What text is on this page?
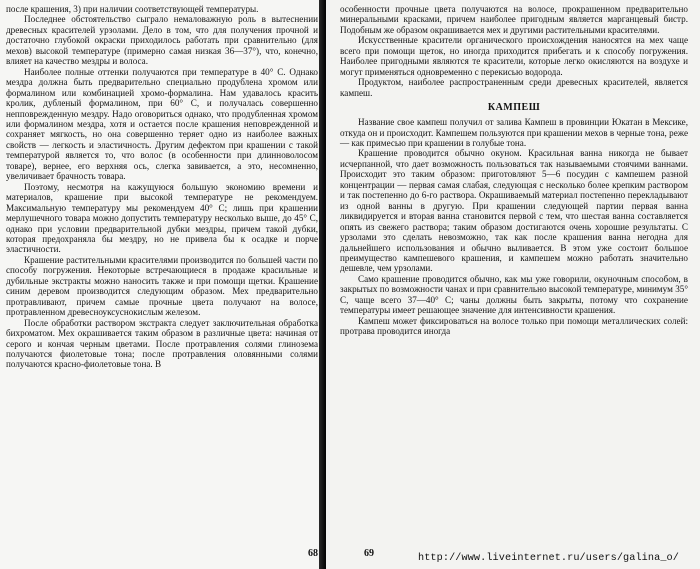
после крашения, 3) при наличии соответствующей температуры.

Последнее обстоятельство сыграло немаловажную роль в вытеснении древесных красителей урзолами. Дело в том, что для получения прочной и достаточно глубокой окраски приходилось работать при сравнительно (для мехов) высокой температуре (примерно самая низкая 36—37°), что, конечно, влияет на качество мездры и волоса.

Наиболее полные оттенки получаются при температуре в 40° С. Однако мездра должна быть предварительно специально продублена хромом или формалином или комбинацией хромо-формалина. Нам удавалось красить кролик, дубленый формалином, при 60° С, и получалась совершенно непповрежденную мездру. Надо оговориться однако, что продубленная хромом или формалином мездра, хотя и остается после крашения неповрежденной и сохраняет мягкость, но она совершенно теряет одно из наиболее важных свойств — легкость и эластичность. Другим дефектом при крашении с такой температурой является то, что волос (в особенности при длинноволосом товаре), вернее, его верхняя ось, слегка завивается, а это, несомненно, увеличивает брачность товара.

Поэтому, несмотря на кажущуюся большую экономию времени и материалов, крашение при высокой температуре не рекомендуем. Максимальную температуру мы рекомендуем 40° С; лишь при крашении мерлушечного товара можно допустить температуру несколько выше, до 45° С, однако при условии предварительной дубки мездры, причем такой дубки, которая предохраняла бы мездру, но не привела бы к осадке и порче эластичности.

Крашение растительными красителями производится по большей части по способу погружения. Некоторые встречающиеся в продаже красильные и дубильные экстракты можно наносить также и при помощи щетки. Крашение синим деревом производится следующим образом. Мех предварительно протравливают, причем самые прочные цвета получают на волосе, протравленном древесноуксуснокислым железом.

После обработки раствором экстракта следует заключительная обработка бихроматом. Мех окрашивается таким образом в различные цвета: начиная от серого и кончая черным цветами. После протравления солями глинозема получаются фиолетовые тона; после протравления оловянными солями получаются красно-фиолетовые тона. В

68

особенности прочные цвета получаются на волосе, прокрашенном предварительно минеральными красками, причем наиболее пригодным является марганцевый бистр. Подобным же образом окрашивается мех и другими растительными красителями.

Искусственные красители органического происхождения наносятся на мех чаще всего при помощи щеток, но иногда приходится прибегать и к способу погружения. Наиболее пригодными являются те красители, которые легко окисляются на воздухе и могут применяться одновременно с перекисью водорода.

Продуктом, наиболее распространенным среди древесных красителей, является кампеш.

КАМПЕШ

Название свое кампеш получил от залива Кампеш в провинции Юкатан в Мексике, откуда он и происходит. Кампешем пользуются при крашении мехов в черные тона, реже — как примесью при крашении в голубые тона.

Крашение проводится обычно окуном. Красильная ванна никогда не бывает исчерпанной, что дает возможность пользоваться так называемыми стоячими ваннами. Происходит это таким образом: приготовляют 5—6 посудин с кампешем разной концентрации — первая самая слабая, следующая с несколько более крепким раствором и так постепенно до 6-го раствора. Окрашиваемый материал постепенно перекладывают из одной ванны в другую. При крашении следующей партии первая ванна ликвидируется и вторая ванна становится первой с тем, что шестая ванна составляется опять из свежего раствора; таким образом достигаются очень хорошие результаты. С урзолами это сделать невозможно, так как после крашения ванна негодна для дальнейшего использования и обычно выливается. В этом уже состоит большое преимущество кампешевого крашения, и кампешем можно работать значительно дешевле, чем урзолами.

Само крашение проводится обычно, как мы уже говорили, окуночным способом, в закрытых по возможности чанах и при сравнительно высокой температуре, минимум 35° С, чаще всего 37—40° С; чаны должны быть закрыты, потому что сохранение температуры имеет решающее значение для интенсивности крашения.

Кампеш может фиксироваться на волосе только при помощи металлических солей: протрава проводится иногда

69	http://www.liveinternet.ru/users/galina_o/
